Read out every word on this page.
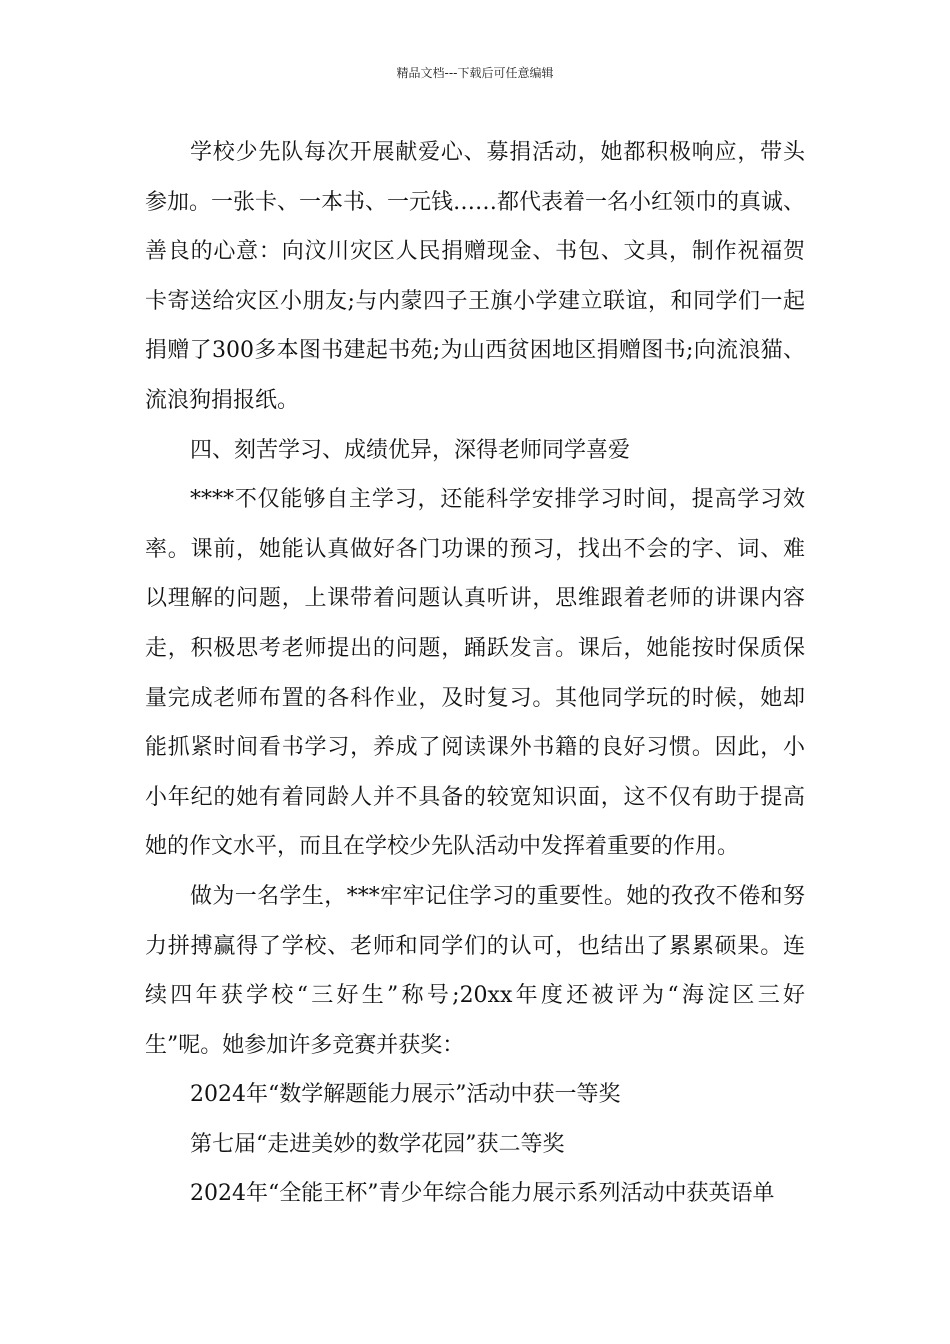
精品文档---下载后可任意编辑
学校少先队每次开展献爱心、募捐活动，她都积极响应，带头
参加。一张卡、一本书、一元钱……都代表着一名小红领巾的真诚、
善良的心意：向汶川灾区人民捐赠现金、书包、文具，制作祝福贺
卡寄送给灾区小朋友;与内蒙四子王旗小学建立联谊，和同学们一起
捐赠了300多本图书建起书苑;为山西贫困地区捐赠图书;向流浪猫、
流浪狗捐报纸。
四、刻苦学习、成绩优异，深得老师同学喜爱
****不仅能够自主学习，还能科学安排学习时间，提高学习效
率。课前，她能认真做好各门功课的预习，找出不会的字、词、难
以理解的问题，上课带着问题认真听讲，思维跟着老师的讲课内容
走，积极思考老师提出的问题，踊跃发言。课后，她能按时保质保
量完成老师布置的各科作业，及时复习。其他同学玩的时候，她却
能抓紧时间看书学习，养成了阅读课外书籍的良好习惯。因此，小
小年纪的她有着同龄人并不具备的较宽知识面，这不仅有助于提高
她的作文水平，而且在学校少先队活动中发挥着重要的作用。
做为一名学生，***牢牢记住学习的重要性。她的孜孜不倦和努
力拼搏赢得了学校、老师和同学们的认可，也结出了累累硕果。连
续四年获学校“三好生”称号;20xx年度还被评为“海淀区三好
生”呢。她参加许多竞赛并获奖：
2024年“数学解题能力展示”活动中获一等奖
第七届“走进美妙的数学花园”获二等奖
2024年“全能王杯”青少年综合能力展示系列活动中获英语单
